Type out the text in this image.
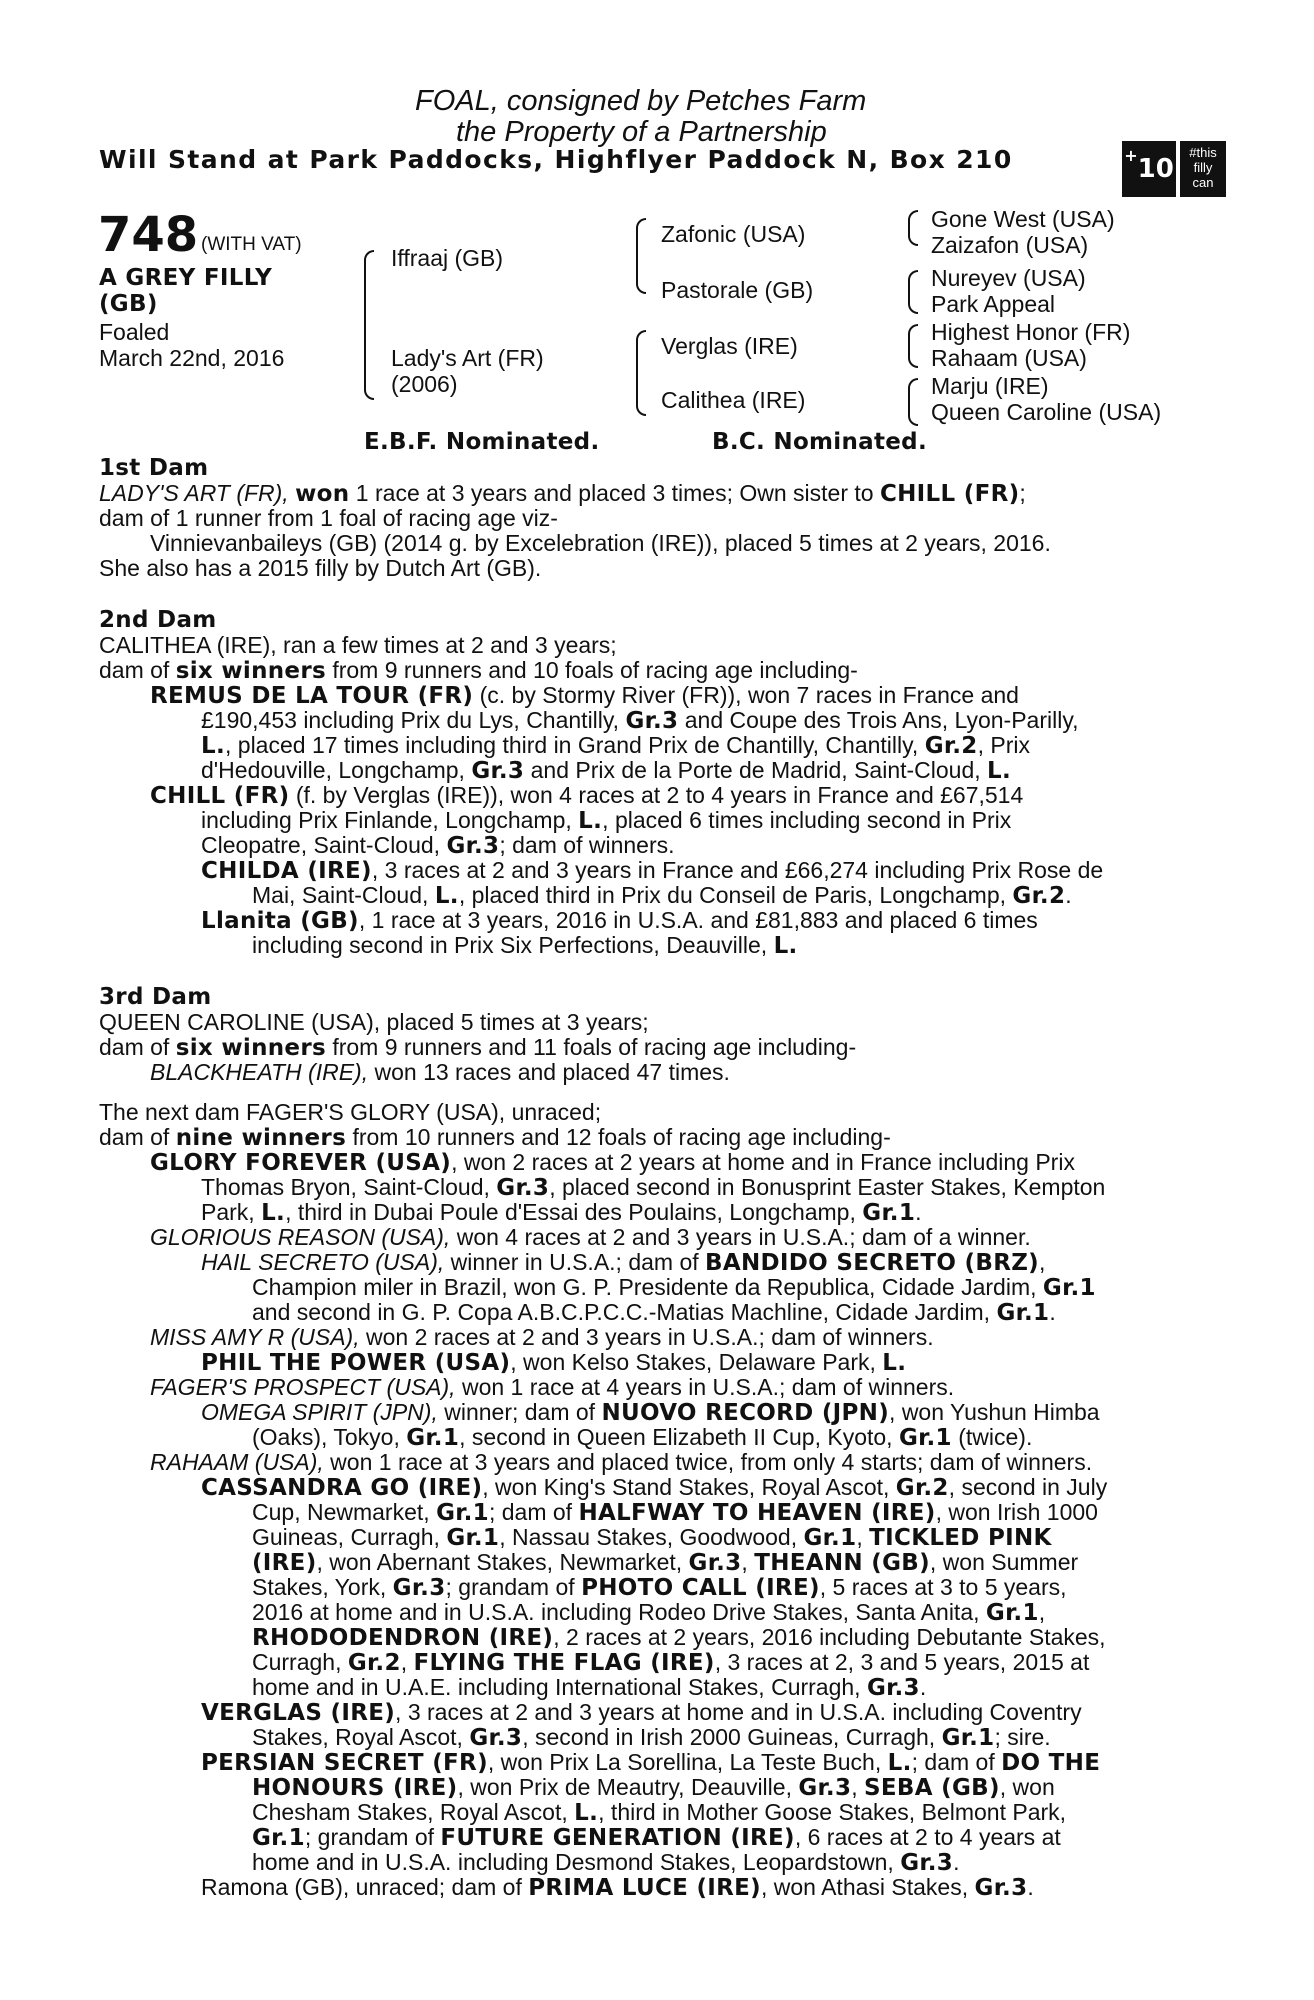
FOAL, consigned by Petches Farm
the Property of a Partnership
Will Stand at Park Paddocks, Highflyer Paddock N, Box 210	+10
#this
filly
can
748 (WITH VAT)
A GREY FILLY
(GB)
Foaled
March 22nd, 2016
Iffraaj (GB)
Lady's Art (FR)
(2006)
Zafonic (USA)
Pastorale (GB)
Verglas (IRE)
Calithea (IRE)
Gone West (USA)
Zaizafon (USA)
Nureyev (USA)
Park Appeal
Highest Honor (FR)
Rahaam (USA)
Marju (IRE)
Queen Caroline (USA)
E.B.F. Nominated.	B.C. Nominated.
1st Dam
LADY'S ART (FR), won 1 race at 3 years and placed 3 times; Own sister to CHILL (FR);
dam of 1 runner from 1 foal of racing age viz-
Vinnievanbaileys (GB) (2014 g. by Excelebration (IRE)), placed 5 times at 2 years, 2016.
She also has a 2015 filly by Dutch Art (GB).
2nd Dam
CALITHEA (IRE), ran a few times at 2 and 3 years;
dam of six winners from 9 runners and 10 foals of racing age including-
REMUS DE LA TOUR (FR) (c. by Stormy River (FR)), won 7 races in France and
£190,453 including Prix du Lys, Chantilly, Gr.3 and Coupe des Trois Ans, Lyon-Parilly,
L., placed 17 times including third in Grand Prix de Chantilly, Chantilly, Gr.2, Prix
d'Hedouville, Longchamp, Gr.3 and Prix de la Porte de Madrid, Saint-Cloud, L.
CHILL (FR) (f. by Verglas (IRE)), won 4 races at 2 to 4 years in France and £67,514
including Prix Finlande, Longchamp, L., placed 6 times including second in Prix
Cleopatre, Saint-Cloud, Gr.3; dam of winners.
CHILDA (IRE), 3 races at 2 and 3 years in France and £66,274 including Prix Rose de
Mai, Saint-Cloud, L., placed third in Prix du Conseil de Paris, Longchamp, Gr.2.
Llanita (GB), 1 race at 3 years, 2016 in U.S.A. and £81,883 and placed 6 times
including second in Prix Six Perfections, Deauville, L.
3rd Dam
QUEEN CAROLINE (USA), placed 5 times at 3 years;
dam of six winners from 9 runners and 11 foals of racing age including-
BLACKHEATH (IRE), won 13 races and placed 47 times.
The next dam FAGER'S GLORY (USA), unraced;
dam of nine winners from 10 runners and 12 foals of racing age including-
GLORY FOREVER (USA), won 2 races at 2 years at home and in France including Prix
Thomas Bryon, Saint-Cloud, Gr.3, placed second in Bonusprint Easter Stakes, Kempton
Park, L., third in Dubai Poule d'Essai des Poulains, Longchamp, Gr.1.
GLORIOUS REASON (USA), won 4 races at 2 and 3 years in U.S.A.; dam of a winner.
HAIL SECRETO (USA), winner in U.S.A.; dam of BANDIDO SECRETO (BRZ),
Champion miler in Brazil, won G. P. Presidente da Republica, Cidade Jardim, Gr.1
and second in G. P. Copa A.B.C.P.C.C.-Matias Machline, Cidade Jardim, Gr.1.
MISS AMY R (USA), won 2 races at 2 and 3 years in U.S.A.; dam of winners.
PHIL THE POWER (USA), won Kelso Stakes, Delaware Park, L.
FAGER'S PROSPECT (USA), won 1 race at 4 years in U.S.A.; dam of winners.
OMEGA SPIRIT (JPN), winner; dam of NUOVO RECORD (JPN), won Yushun Himba
(Oaks), Tokyo, Gr.1, second in Queen Elizabeth II Cup, Kyoto, Gr.1 (twice).
RAHAAM (USA), won 1 race at 3 years and placed twice, from only 4 starts; dam of winners.
CASSANDRA GO (IRE), won King's Stand Stakes, Royal Ascot, Gr.2, second in July
Cup, Newmarket, Gr.1; dam of HALFWAY TO HEAVEN (IRE), won Irish 1000
Guineas, Curragh, Gr.1, Nassau Stakes, Goodwood, Gr.1, TICKLED PINK
(IRE), won Abernant Stakes, Newmarket, Gr.3, THEANN (GB), won Summer
Stakes, York, Gr.3; grandam of PHOTO CALL (IRE), 5 races at 3 to 5 years,
2016 at home and in U.S.A. including Rodeo Drive Stakes, Santa Anita, Gr.1,
RHODODENDRON (IRE), 2 races at 2 years, 2016 including Debutante Stakes,
Curragh, Gr.2, FLYING THE FLAG (IRE), 3 races at 2, 3 and 5 years, 2015 at
home and in U.A.E. including International Stakes, Curragh, Gr.3.
VERGLAS (IRE), 3 races at 2 and 3 years at home and in U.S.A. including Coventry
Stakes, Royal Ascot, Gr.3, second in Irish 2000 Guineas, Curragh, Gr.1; sire.
PERSIAN SECRET (FR), won Prix La Sorellina, La Teste Buch, L.; dam of DO THE
HONOURS (IRE), won Prix de Meautry, Deauville, Gr.3, SEBA (GB), won
Chesham Stakes, Royal Ascot, L., third in Mother Goose Stakes, Belmont Park,
Gr.1; grandam of FUTURE GENERATION (IRE), 6 races at 2 to 4 years at
home and in U.S.A. including Desmond Stakes, Leopardstown, Gr.3.
Ramona (GB), unraced; dam of PRIMA LUCE (IRE), won Athasi Stakes, Gr.3.
